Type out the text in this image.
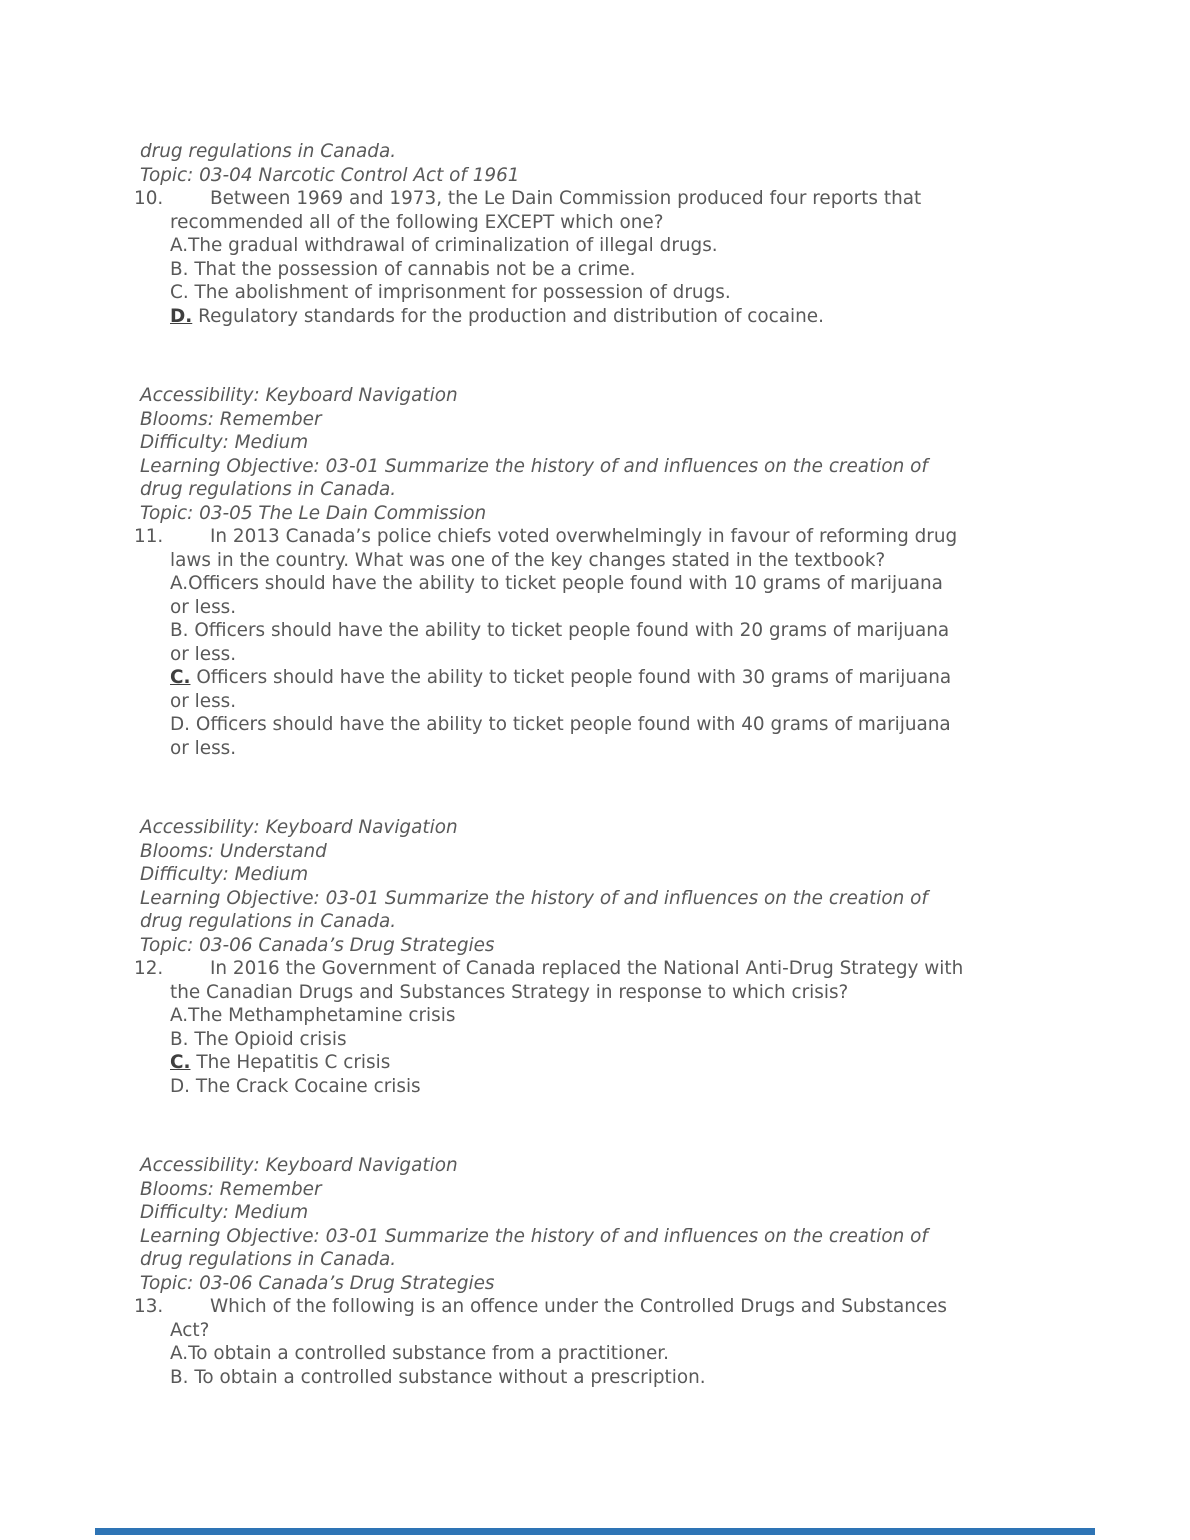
drug regulations in Canada.
Topic: 03-04 Narcotic Control Act of 1961
10.	Between 1969 and 1973, the Le Dain Commission produced four reports that
recommended all of the following EXCEPT which one?
A.The gradual withdrawal of criminalization of illegal drugs.
B. That the possession of cannabis not be a crime.
C. The abolishment of imprisonment for possession of drugs.
D. Regulatory standards for the production and distribution of cocaine.
Accessibility: Keyboard Navigation
Blooms: Remember
Difficulty: Medium
Learning Objective: 03-01 Summarize the history of and influences on the creation of
drug regulations in Canada.
Topic: 03-05 The Le Dain Commission
11.	In 2013 Canada’s police chiefs voted overwhelmingly in favour of reforming drug
laws in the country. What was one of the key changes stated in the textbook?
A.Officers should have the ability to ticket people found with 10 grams of marijuana
or less.
B. Officers should have the ability to ticket people found with 20 grams of marijuana
or less.
C. Officers should have the ability to ticket people found with 30 grams of marijuana
or less.
D. Officers should have the ability to ticket people found with 40 grams of marijuana
or less.
Accessibility: Keyboard Navigation
Blooms: Understand
Difficulty: Medium
Learning Objective: 03-01 Summarize the history of and influences on the creation of
drug regulations in Canada.
Topic: 03-06 Canada’s Drug Strategies
12.	In 2016 the Government of Canada replaced the National Anti-Drug Strategy with
the Canadian Drugs and Substances Strategy in response to which crisis?
A.The Methamphetamine crisis
B. The Opioid crisis
C. The Hepatitis C crisis
D. The Crack Cocaine crisis
Accessibility: Keyboard Navigation
Blooms: Remember
Difficulty: Medium
Learning Objective: 03-01 Summarize the history of and influences on the creation of
drug regulations in Canada.
Topic: 03-06 Canada’s Drug Strategies
13.	Which of the following is an offence under the Controlled Drugs and Substances
Act?
A.To obtain a controlled substance from a practitioner.
B. To obtain a controlled substance without a prescription.
